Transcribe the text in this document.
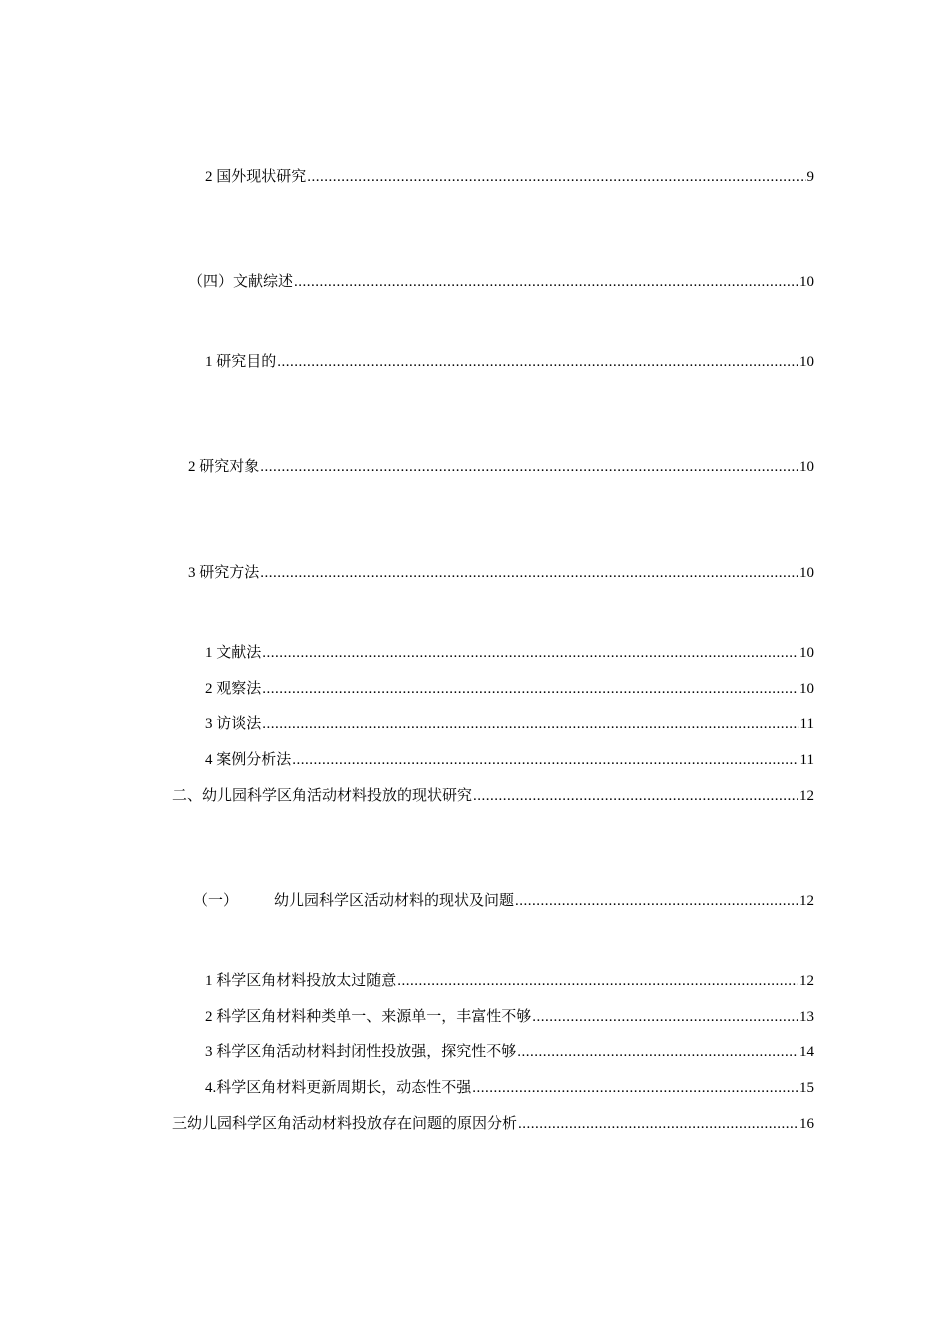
2 国外现状研究 .....	9
（四）文献综述 .....	10
1 研究目的 .....	10
2 研究对象 .....	10
3 研究方法 .....	10
1 文献法 .....	10
2 观察法 .....	10
3 访谈法 .....	11
4 案例分析法 .....	11
二、幼儿园科学区角活动材料投放的现状研究 .....	12
（一） 幼儿园科学区活动材料的现状及问题 .....	12
1 科学区角材料投放太过随意 .....	12
2 科学区角材料种类单一、来源单一，丰富性不够 .....	13
3 科学区角活动材料封闭性投放强，探究性不够 .....	14
4.科学区角材料更新周期长，动态性不强 .....	15
三幼儿园科学区角活动材料投放存在问题的原因分析 .....	16
